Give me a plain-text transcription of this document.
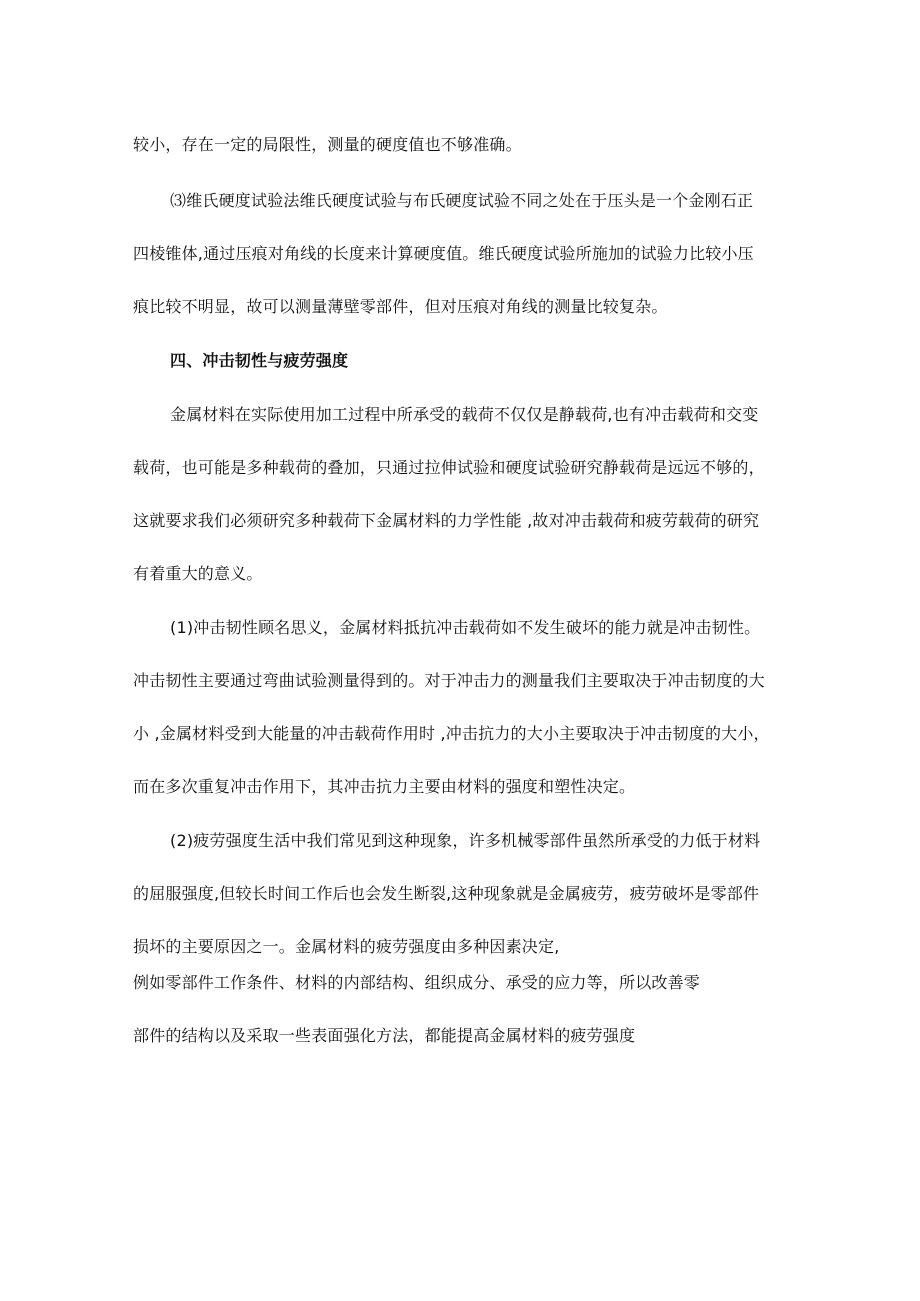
较小，存在一定的局限性，测量的硬度值也不够准确。
⑶维氏硬度试验法维氏硬度试验与布氏硬度试验不同之处在于压头是一个金刚石正
四棱锥体,通过压痕对角线的长度来计算硬度值。维氏硬度试验所施加的试验力比较小压
痕比较不明显，故可以测量薄壁零部件，但对压痕对角线的测量比较复杂。
四、冲击韧性与疲劳强度
金属材料在实际使用加工过程中所承受的载荷不仅仅是静载荷,也有冲击载荷和交变
载荷，也可能是多种载荷的叠加，只通过拉伸试验和硬度试验研究静载荷是远远不够的，
这就要求我们必须研究多种载荷下金属材料的力学性能 ,故对冲击载荷和疲劳载荷的研究
有着重大的意义。
(1)冲击韧性顾名思义，金属材料抵抗冲击载荷如不发生破坏的能力就是冲击韧性。
冲击韧性主要通过弯曲试验测量得到的。对于冲击力的测量我们主要取决于冲击韧度的大
小 ,金属材料受到大能量的冲击载荷作用时 ,冲击抗力的大小主要取决于冲击韧度的大小，
而在多次重复冲击作用下，其冲击抗力主要由材料的强度和塑性决定。
(2)疲劳强度生活中我们常见到这种现象，许多机械零部件虽然所承受的力低于材料
的屈服强度,但较长时间工作后也会发生断裂,这种现象就是金属疲劳，疲劳破坏是零部件
损坏的主要原因之一。金属材料的疲劳强度由多种因素决定,
例如零部件工作条件、材料的内部结构、组织成分、承受的应力等，所以改善零
部件的结构以及采取一些表面强化方法，都能提高金属材料的疲劳强度
